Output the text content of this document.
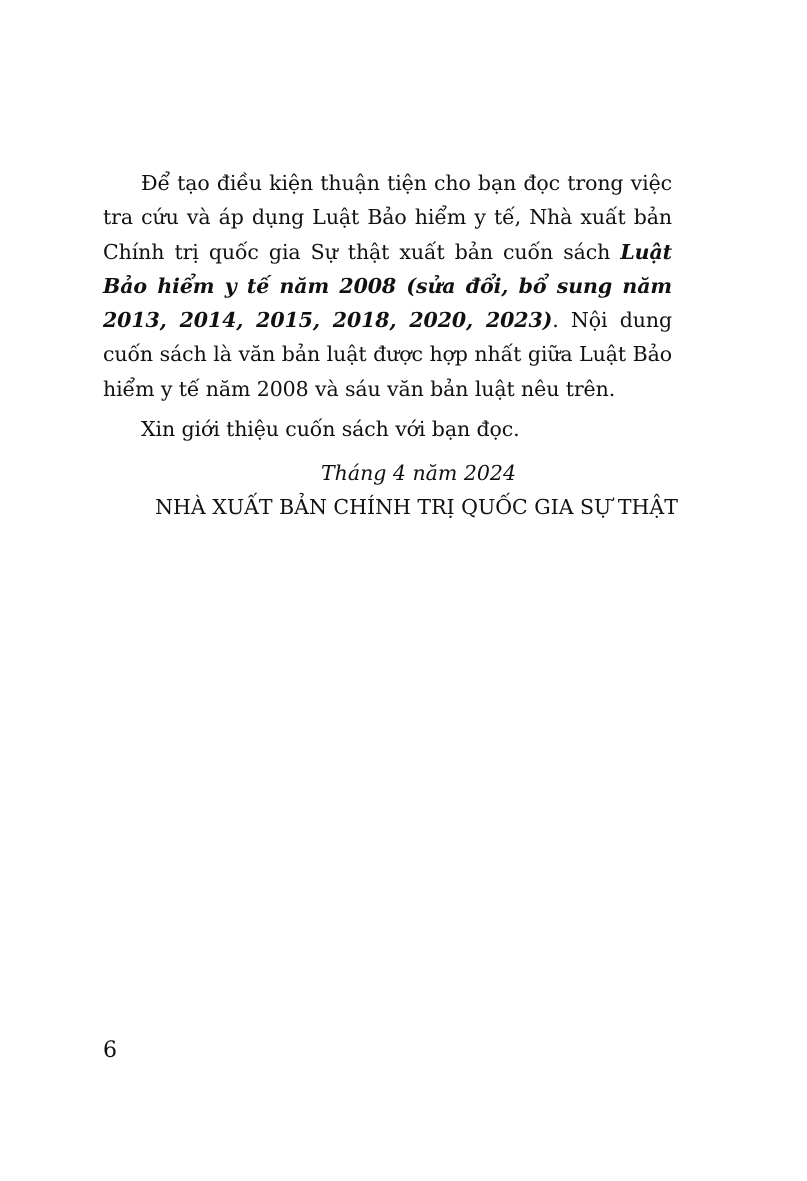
Để tạo điều kiện thuận tiện cho bạn đọc trong việc tra cứu và áp dụng Luật Bảo hiểm y tế, Nhà xuất bản Chính trị quốc gia Sự thật xuất bản cuốn sách Luật Bảo hiểm y tế năm 2008 (sửa đổi, bổ sung năm 2013, 2014, 2015, 2018, 2020, 2023). Nội dung cuốn sách là văn bản luật được hợp nhất giữa Luật Bảo hiểm y tế năm 2008 và sáu văn bản luật nêu trên.

Xin giới thiệu cuốn sách với bạn đọc.

Tháng 4 năm 2024
NHÀ XUẤT BẢN CHÍNH TRỊ QUỐC GIA SỰ THẬT
6
